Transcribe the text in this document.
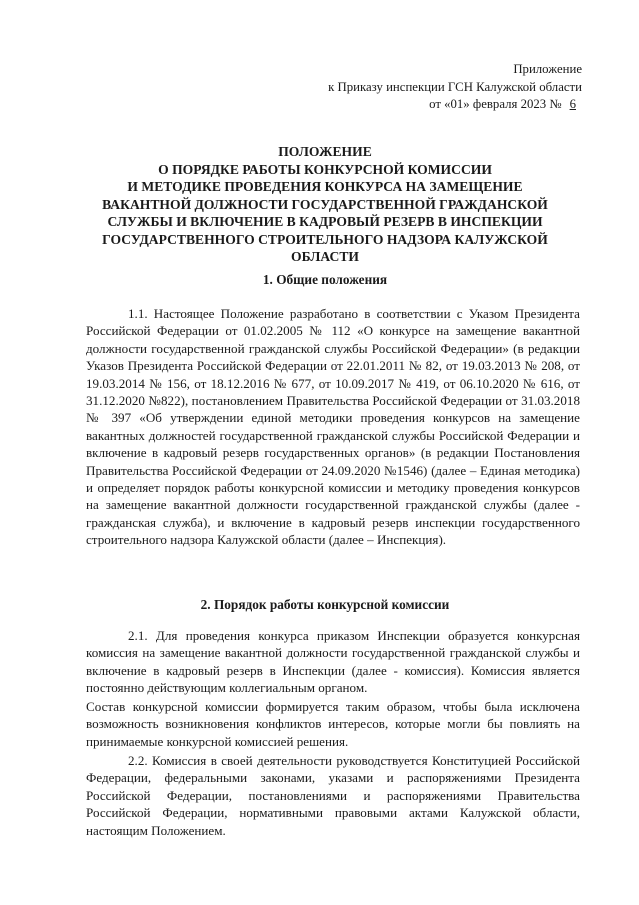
Приложение
к Приказу инспекции ГСН Калужской области
от «01» февраля 2023 № 6
ПОЛОЖЕНИЕ
О ПОРЯДКЕ РАБОТЫ КОНКУРСНОЙ КОМИССИИ
И МЕТОДИКЕ ПРОВЕДЕНИЯ КОНКУРСА НА ЗАМЕЩЕНИЕ
ВАКАНТНОЙ ДОЛЖНОСТИ ГОСУДАРСТВЕННОЙ ГРАЖДАНСКОЙ
СЛУЖБЫ И ВКЛЮЧЕНИЕ В КАДРОВЫЙ РЕЗЕРВ В ИНСПЕКЦИИ
ГОСУДАРСТВЕННОГО СТРОИТЕЛЬНОГО НАДЗОРА КАЛУЖСКОЙ
ОБЛАСТИ
1. Общие положения

1.1. Настоящее Положение разработано в соответствии с Указом Президента Российской Федерации от 01.02.2005 № 112 «О конкурсе на замещение вакантной должности государственной гражданской службы Российской Федерации» (в редакции Указов Президента Российской Федерации от 22.01.2011 № 82, от 19.03.2013 № 208, от 19.03.2014 № 156, от 18.12.2016 № 677, от 10.09.2017 № 419, от 06.10.2020 № 616, от 31.12.2020 №822), постановлением Правительства Российской Федерации от 31.03.2018 № 397 «Об утверждении единой методики проведения конкурсов на замещение вакантных должностей государственной гражданской службы Российской Федерации и включение в кадровый резерв государственных органов» (в редакции Постановления Правительства Российской Федерации от 24.09.2020 №1546) (далее – Единая методика) и определяет порядок работы конкурсной комиссии и методику проведения конкурсов на замещение вакантной должности государственной гражданской службы (далее - гражданская служба), и включение в кадровый резерв инспекции государственного строительного надзора Калужской области (далее – Инспекция).

2. Порядок работы конкурсной комиссии

2.1. Для проведения конкурса приказом Инспекции образуется конкурсная комиссия на замещение вакантной должности государственной гражданской службы и включение в кадровый резерв в Инспекции (далее - комиссия). Комиссия является постоянно действующим коллегиальным органом.

Состав конкурсной комиссии формируется таким образом, чтобы была исключена возможность возникновения конфликтов интересов, которые могли бы повлиять на принимаемые конкурсной комиссией решения.

2.2. Комиссия в своей деятельности руководствуется Конституцией Российской Федерации, федеральными законами, указами и распоряжениями Президента Российской Федерации, постановлениями и распоряжениями Правительства Российской Федерации, нормативными правовыми актами Калужской области, настоящим Положением.
